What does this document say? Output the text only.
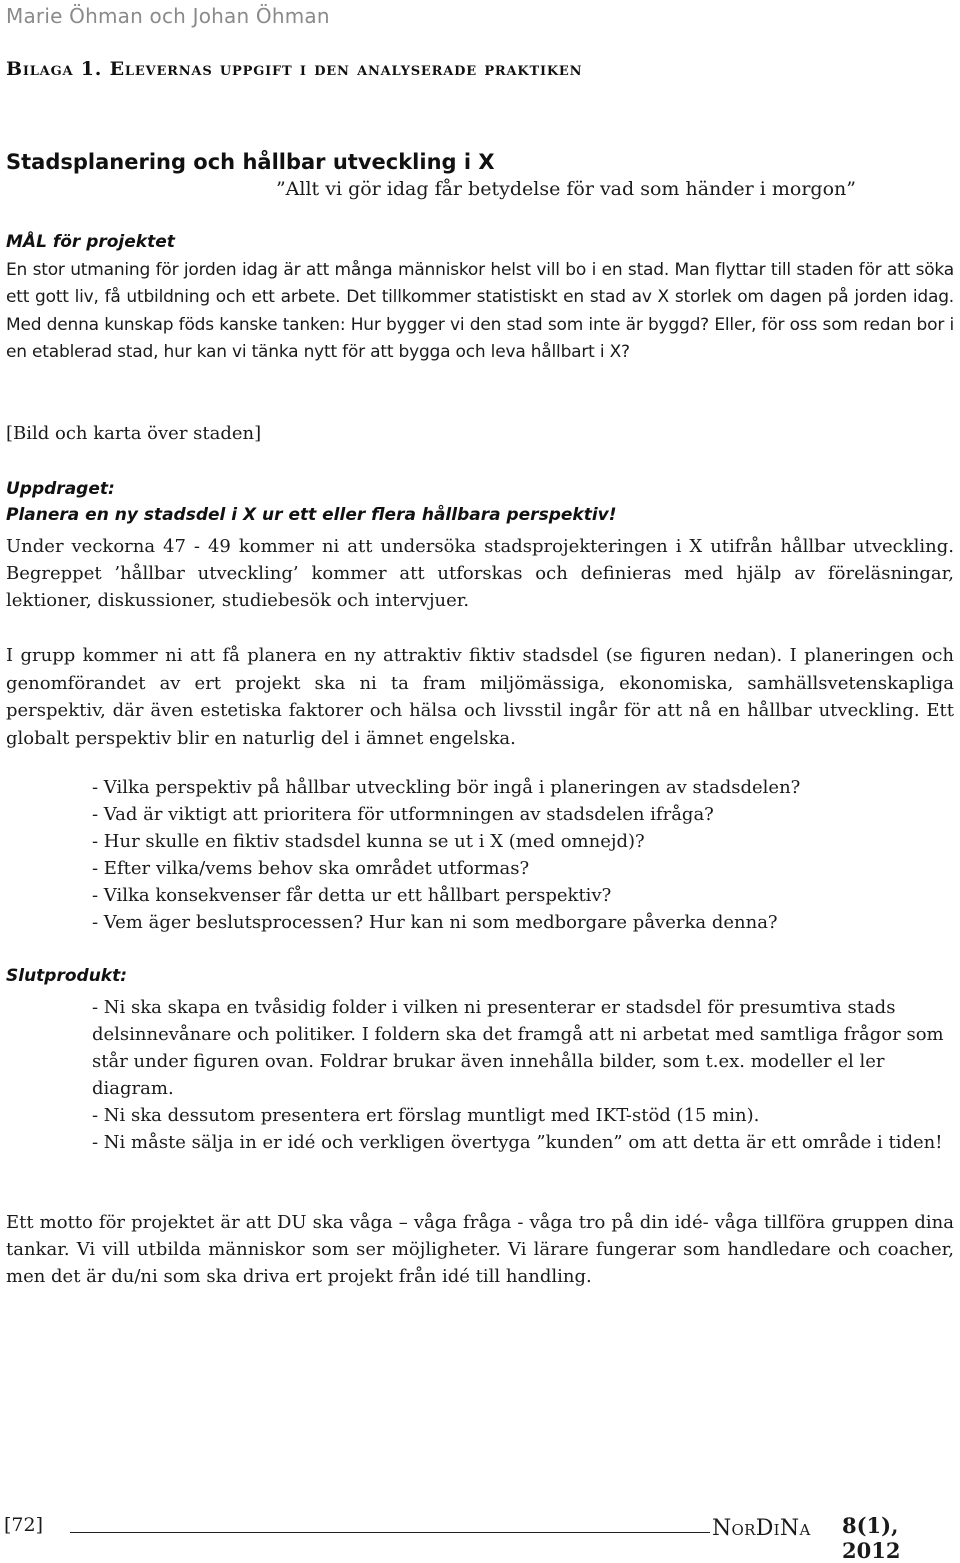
Marie Öhman och Johan Öhman
Bilaga 1. Elevernas uppgift i den analyserade praktiken
Stadsplanering och hållbar utveckling i X
”Allt vi gör idag får betydelse för vad som händer i morgon”
MÅL för projektet

En stor utmaning för jorden idag är att många människor helst vill bo i en stad. Man flyttar till staden för att söka ett gott liv, få utbildning och ett arbete. Det tillkommer statistiskt en stad av X storlek om dagen på jorden idag. Med denna kunskap föds kanske tanken: Hur bygger vi den stad som inte är byggd? Eller, för oss som redan bor i en etablerad stad, hur kan vi tänka nytt för att bygga och leva hållbart i X?

[Bild och karta över staden]
Uppdraget:
Planera en ny stadsdel i X ur ett eller flera hållbara perspektiv!

Under veckorna 47 - 49 kommer ni att undersöka stadsprojekteringen i X utifrån hållbar utveckling. Begreppet ’hållbar utveckling’ kommer att utforskas och definieras med hjälp av föreläsningar, lektioner, diskussioner, studiebesök och intervjuer.

I grupp kommer ni att få planera en ny attraktiv fiktiv stadsdel (se figuren nedan). I planeringen och genomförandet av ert projekt ska ni ta fram miljömässiga, ekonomiska, samhällsvetenskapliga perspektiv, där även estetiska faktorer och hälsa och livsstil ingår för att nå en hållbar utveckling. Ett globalt perspektiv blir en naturlig del i ämnet engelska.

- Vilka perspektiv på hållbar utveckling bör ingå i planeringen av stadsdelen?
- Vad är viktigt att prioritera för utformningen av stadsdelen ifråga?
- Hur skulle en fiktiv stadsdel kunna se ut i X (med omnejd)?
- Efter vilka/vems behov ska området utformas?
- Vilka konsekvenser får detta ur ett hållbart perspektiv?
- Vem äger beslutsprocessen? Hur kan ni som medborgare påverka denna?
Slutprodukt:
- Ni ska skapa en tvåsidig folder i vilken ni presenterar er stadsdel för presumtiva stads delsinnevånare och politiker. I foldern ska det framgå att ni arbetat med samtliga frågor som står under figuren ovan. Foldrar brukar även innehålla bilder, som t.ex. modeller el ler diagram.
- Ni ska dessutom presentera ert förslag muntligt med IKT-stöd (15 min).
- Ni måste sälja in er idé och verkligen övertyga ”kunden” om att detta är ett område i tiden!

Ett motto för projektet är att DU ska våga – våga fråga - våga tro på din idé- våga tillföra gruppen dina tankar. Vi vill utbilda människor som ser möjligheter. Vi lärare fungerar som handledare och coacher, men det är du/ni som ska driva ert projekt från idé till handling.

[72]	NorDiNa 8(1), 2012
